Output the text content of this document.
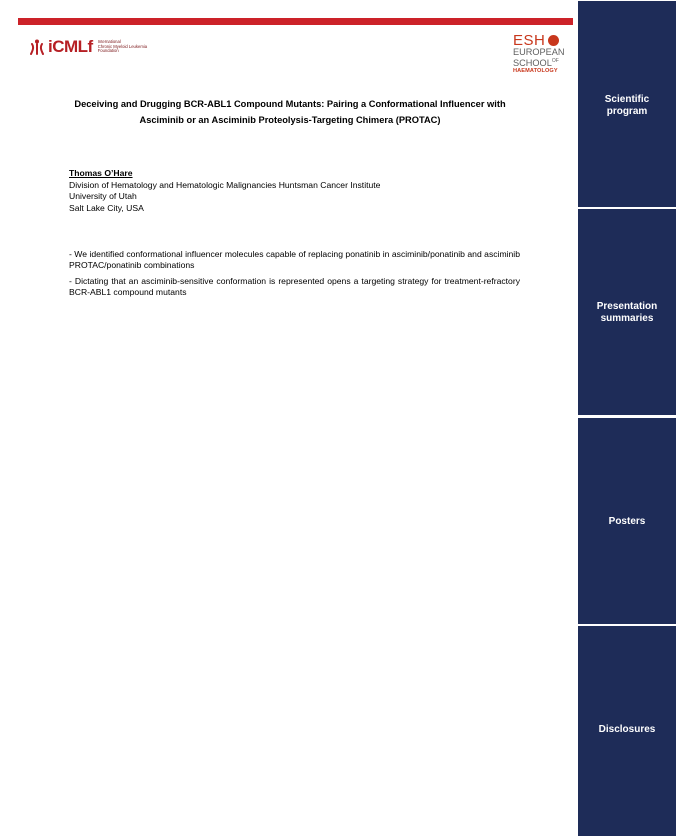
iCMLf International
Chronic Myeloid Leukemia
Foundation
ESH
EUROPEAN
$SCHOOL^{OF}$
HAEMATOLOGY
Deceiving and Drugging BCR-ABL1 Compound Mutants: Pairing a Conformational Influencer with
Asciminib or an Asciminib Proteolysis-Targeting Chimera (PROTAC)
Thomas O’Hare
Division of Hematology and Hematologic Malignancies Huntsman Cancer Institute
University of Utah
Salt Lake City, USA

- We identified conformational influencer molecules capable of replacing ponatinib in asciminib/ponatinib and asciminib PROTAC/ponatinib combinations

- Dictating that an asciminib-sensitive conformation is represented opens a targeting strategy for treatment-refractory BCR-ABL1 compound mutants

Scientific
program
Presentation
summaries
Posters
Disclosures
